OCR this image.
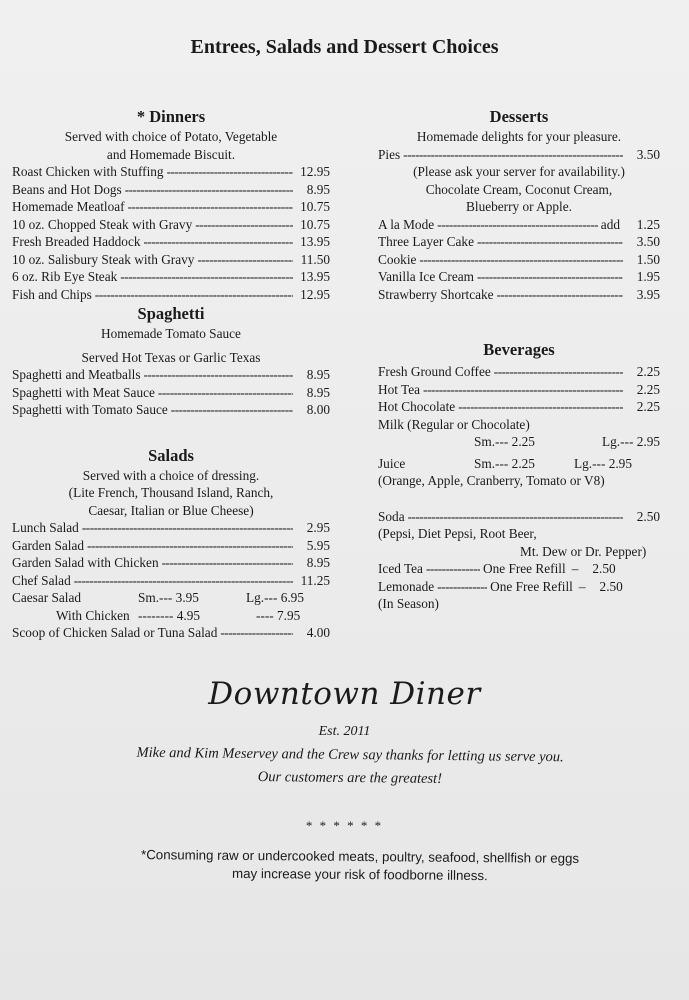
Entrees, Salads and Dessert Choices
* Dinners
Served with choice of Potato, Vegetable
and Homemade Biscuit.
Roast Chicken with Stuffing -----	12.95
Beans and Hot Dogs -----	8.95
Homemade Meatloaf -----	10.75
10 oz. Chopped Steak with Gravy -----	10.75
Fresh Breaded Haddock -----	13.95
10 oz. Salisbury Steak with Gravy -----	11.50
6 oz. Rib Eye Steak -----	13.95
Fish and Chips -----	12.95
Spaghetti
Homemade Tomato Sauce
Served Hot Texas or Garlic Texas
Spaghetti and Meatballs -----	8.95
Spaghetti with Meat Sauce -----	8.95
Spaghetti with Tomato Sauce -----	8.00
Salads
Served with a choice of dressing.
(Lite French, Thousand Island, Ranch,
Caesar, Italian or Blue Cheese)
Lunch Salad -----	2.95
Garden Salad -----	5.95
Garden Salad with Chicken -----	8.95
Chef Salad -----	11.25
Caesar Salad	Sm.--- 3.95	Lg.--- 6.95
With Chicken -------- 4.95	---- 7.95
Scoop of Chicken Salad or Tuna Salad -----	4.00
Desserts
Homemade delights for your pleasure.
Pies -----	3.50
(Please ask your server for availability.)
Chocolate Cream, Coconut Cream,
Blueberry or Apple.
A la Mode -----	add	1.25
Three Layer Cake -----	3.50
Cookie -----	1.50
Vanilla Ice Cream -----	1.95
Strawberry Shortcake -----	3.95
Beverages
Fresh Ground Coffee -----	2.25
Hot Tea -----	2.25
Hot Chocolate -----	2.25
Milk (Regular or Chocolate)
Sm.--- 2.25	Lg.--- 2.95
Juice	Sm.--- 2.25	Lg.--- 2.95
(Orange, Apple, Cranberry, Tomato or V8)
Soda -----	2.50
(Pepsi, Diet Pepsi, Root Beer,
Mt. Dew or Dr. Pepper)
Iced Tea -----	One Free Refill – 2.50
Lemonade -----	One Free Refill – 2.50
(In Season)
Downtown Diner
Est. 2011
Mike and Kim Meservey and the Crew say thanks for letting us serve you.
Our customers are the greatest!
* * * * * *
*Consuming raw or undercooked meats, poultry, seafood, shellfish or eggs
may increase your risk of foodborne illness.
